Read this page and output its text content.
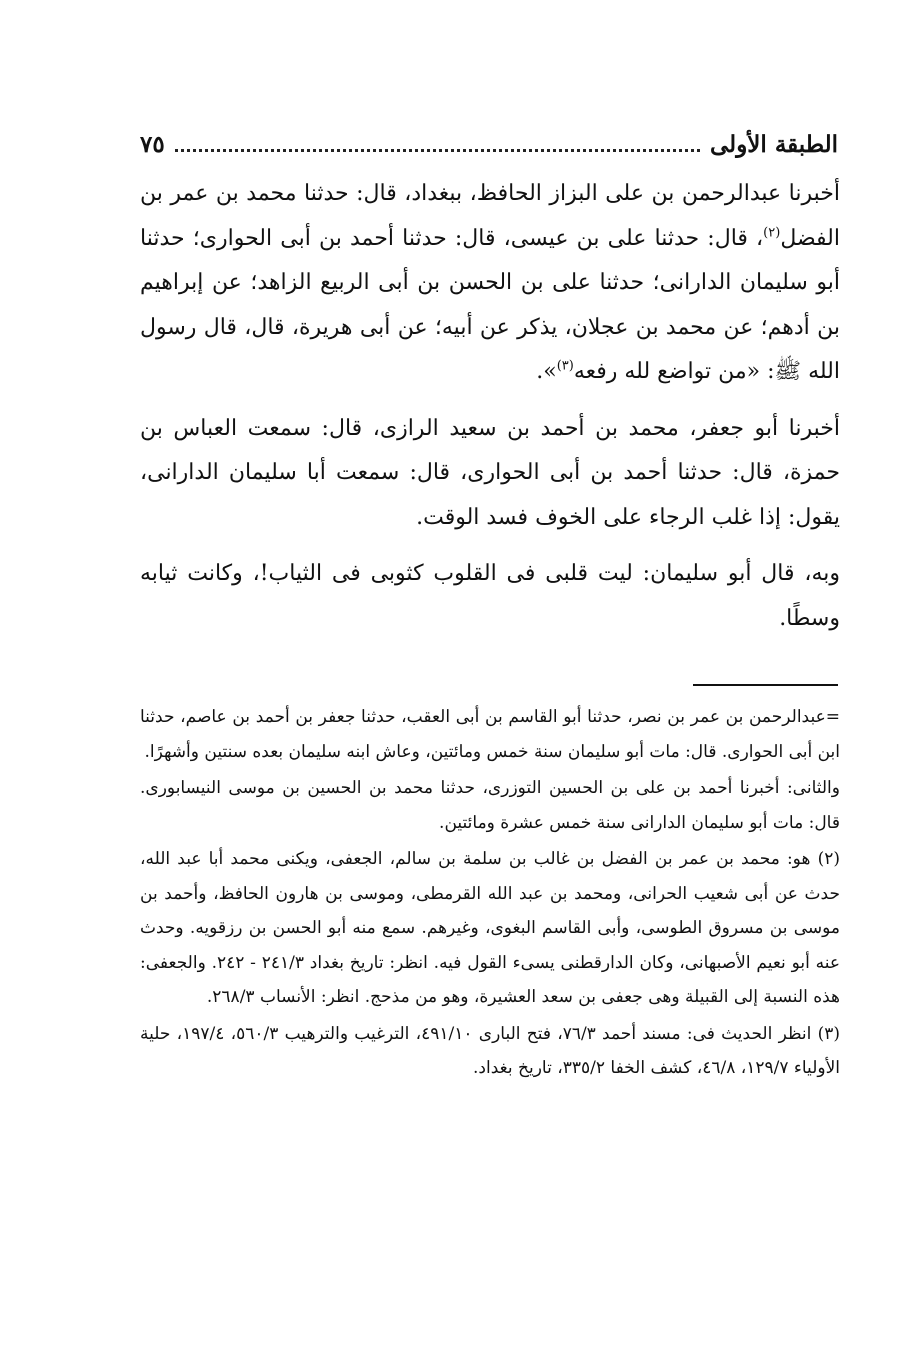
الطبقة الأولى
٧٥

أخبرنا عبدالرحمن بن على البزاز الحافظ، ببغداد، قال: حدثنا محمد بن عمر بن الفضل$^{(٢)}$، قال: حدثنا على بن عيسى، قال: حدثنا أحمد بن أبى الحوارى؛ حدثنا أبو سليمان الدارانى؛ حدثنا على بن الحسن بن أبى الربيع الزاهد؛ عن إبراهيم بن أدهم؛ عن محمد بن عجلان، يذكر عن أبيه؛ عن أبى هريرة، قال، قال رسول الله ﷺ: «من تواضع لله رفعه$^{(٣)}$».

أخبرنا أبو جعفر، محمد بن أحمد بن سعيد الرازى، قال: سمعت العباس بن حمزة، قال: حدثنا أحمد بن أبى الحوارى، قال: سمعت أبا سليمان الدارانى، يقول: إذا غلب الرجاء على الخوف فسد الوقت.

وبه، قال أبو سليمان: ليت قلبى فى القلوب كثوبى فى الثياب!، وكانت ثيابه وسطًا.

=عبدالرحمن بن عمر بن نصر، حدثنا أبو القاسم بن أبى العقب، حدثنا جعفر بن أحمد بن عاصم، حدثنا ابن أبى الحوارى. قال: مات أبو سليمان سنة خمس ومائتين، وعاش ابنه سليمان بعده سنتين وأشهرًا.

والثانى: أخبرنا أحمد بن على بن الحسين التوزرى، حدثنا محمد بن الحسين بن موسى النيسابورى. قال: مات أبو سليمان الدارانى سنة خمس عشرة ومائتين.

(٢) هو: محمد بن عمر بن الفضل بن غالب بن سلمة بن سالم، الجعفى، ويكنى محمد أبا عبد الله، حدث عن أبى شعيب الحرانى، ومحمد بن عبد الله القرمطى، وموسى بن هارون الحافظ، وأحمد بن موسى بن مسروق الطوسى، وأبى القاسم البغوى، وغيرهم. سمع منه أبو الحسن بن رزقويه. وحدث عنه أبو نعيم الأصبهانى، وكان الدارقطنى يسىء القول فيه. انظر: تاريخ بغداد ٢٤١/٣ - ٢٤٢. والجعفى: هذه النسبة إلى القبيلة وهى جعفى بن سعد العشيرة، وهو من مذحج. انظر: الأنساب ٢٦٨/٣.

(٣) انظر الحديث فى: مسند أحمد ٧٦/٣، فتح البارى ٤٩١/١٠، الترغيب والترهيب ٥٦٠/٣، ١٩٧/٤، حلية الأولياء ١٢٩/٧، ٤٦/٨، كشف الخفا ٣٣٥/٢، تاريخ بغداد.
